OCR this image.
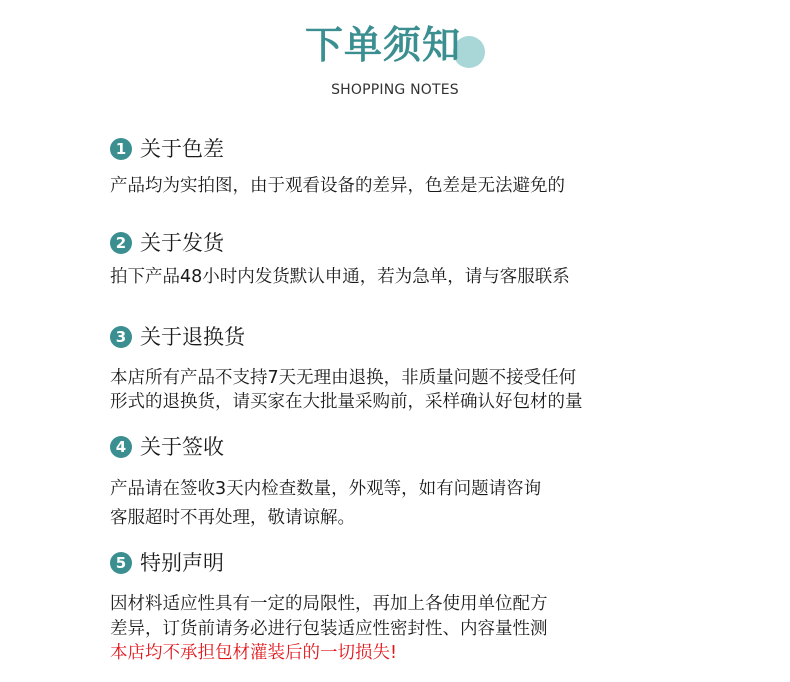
下单须知
SHOPPING NOTES
1 关于色差
产品均为实拍图，由于观看设备的差异，色差是无法避免的
2 关于发货
拍下产品48小时内发货默认申通，若为急单，请与客服联系
3 关于退换货
本店所有产品不支持7天无理由退换，非质量问题不接受任何
形式的退换货，请买家在大批量采购前，采样确认好包材的量
4 关于签收
产品请在签收3天内检查数量，外观等，如有问题请咨询
客服超时不再处理，敬请谅解。
5 特别声明
因材料适应性具有一定的局限性，再加上各使用单位配方
差异，订货前请务必进行包装适应性密封性、内容量性测
本店均不承担包材灌装后的一切损失!
